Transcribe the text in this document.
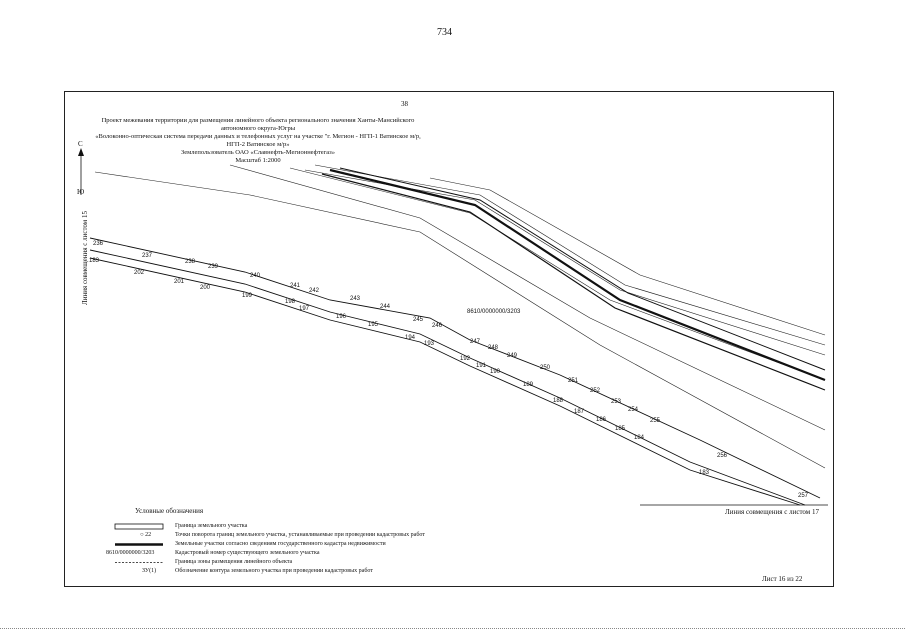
734
38
Проект межевания территории для размещения линейного объекта регионального значения Ханты-Мансийского
автономного округа-Югры
«Волоконно-оптическая система передачи данных и телефонных услуг на участке "г. Мегион - НГП-1 Ватинское м/р,
НГП-2 Ватинское м/р»
Землепользователь ОАО «Славнефть-Мегионнефтегаз»
Масштаб 1:2000
С
Ю
Линия совмещения с листом 15
Линия совмещения с листом 17
8610/0000000/3203
236
237
238
239
240
241
242
243
244
245
246
247
248
249
250
251
252
253
254
255
256
257
183
202
201
200
199
198
197
196
195
194
193
192
191
190
189
188
187
186
185
184
183
Условные обозначения
Граница земельного участка
○ 22	Точки поворота границ земельного участка, устанавливаемые при проведении кадастровых работ
Земельные участки согласно сведениям государственного кадастра недвижимости
8610/0000000/3203	Кадастровый номер существующего земельного участка
Граница зоны размещения линейного объекта
ЗУ(1)	Обозначение контура земельного участка при проведении кадастровых работ
Лист 16 из 22
